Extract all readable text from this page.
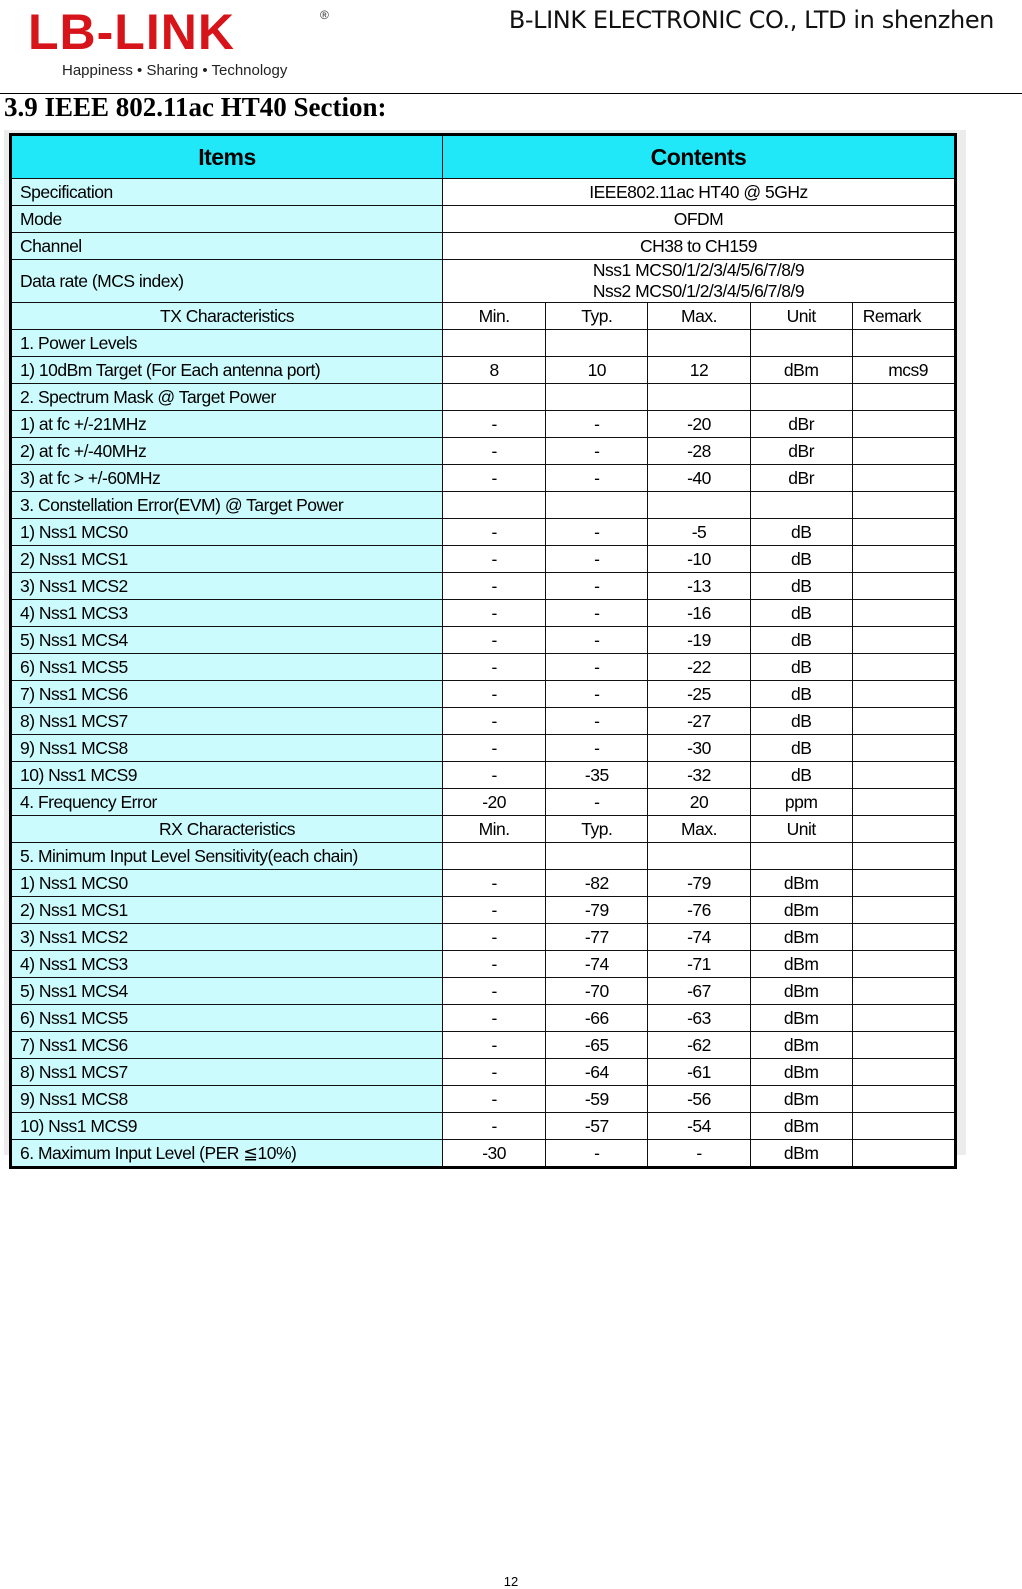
LB-LINK	®
Happiness • Sharing • Technology
B-LINK ELECTRONIC CO., LTD in shenzhen
3.9 IEEE 802.11ac HT40 Section:
Items	Contents				
Specification	IEEE802.11ac HT40 @ 5GHz				
Mode	OFDM				
Channel	CH38 to CH159				
Data rate (MCS index)	Nss1 MCS0/1/2/3/4/5/6/7/8/9
Nss2 MCS0/1/2/3/4/5/6/7/8/9				

TX Characteristics	Min.	Typ.	Max.	Unit	Remark
1. Power Levels					
1) 10dBm Target (For Each antenna port)	8	10	12	dBm	mcs9
2. Spectrum Mask @ Target Power					
1) at fc +/-21MHz	-	-	-20	dBr	
2) at fc +/-40MHz	-	-	-28	dBr	
3) at fc > +/-60MHz	-	-	-40	dBr	
3. Constellation Error(EVM) @ Target Power					
1) Nss1 MCS0	-	-	-5	dB	
2) Nss1 MCS1	-	-	-10	dB	
3) Nss1 MCS2	-	-	-13	dB	
4) Nss1 MCS3	-	-	-16	dB	
5) Nss1 MCS4	-	-	-19	dB	
6) Nss1 MCS5	-	-	-22	dB	
7) Nss1 MCS6	-	-	-25	dB	
8) Nss1 MCS7	-	-	-27	dB	
9) Nss1 MCS8	-	-	-30	dB	
10) Nss1 MCS9	-	-35	-32	dB	
4. Frequency Error	-20	-	20	ppm	
RX Characteristics	Min.	Typ.	Max.	Unit	
5. Minimum Input Level Sensitivity(each chain)					
1) Nss1 MCS0	-	-82	-79	dBm	
2) Nss1 MCS1	-	-79	-76	dBm	
3) Nss1 MCS2	-	-77	-74	dBm	
4) Nss1 MCS3	-	-74	-71	dBm	
5) Nss1 MCS4	-	-70	-67	dBm	
6) Nss1 MCS5	-	-66	-63	dBm	
7) Nss1 MCS6	-	-65	-62	dBm	
8) Nss1 MCS7	-	-64	-61	dBm	
9) Nss1 MCS8	-	-59	-56	dBm	
10) Nss1 MCS9	-	-57	-54	dBm	
6. Maximum Input Level (PER ≦10%)	-30	-	-	dBm	
12
